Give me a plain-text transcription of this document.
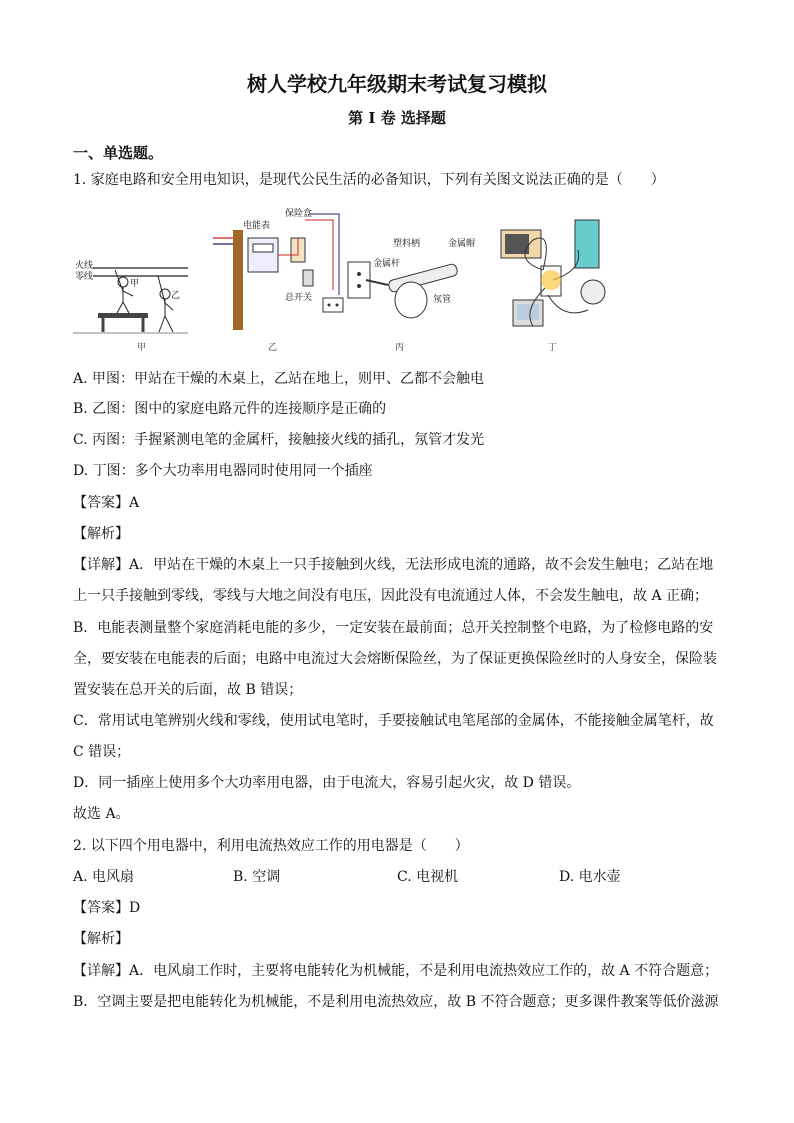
树人学校九年级期末考试复习模拟
第 I 卷 选择题
一、单选题。
1. 家庭电路和安全用电知识，是现代公民生活的必备知识，下列有关图文说法正确的是（　　）
火线
零线
甲
乙
甲
电能表
保险盒
总开关
乙
塑料柄	金属帽
金属杆
氖管
丙	丁
A. 甲图：甲站在干燥的木桌上，乙站在地上，则甲、乙都不会触电
B. 乙图：图中的家庭电路元件的连接顺序是正确的
C. 丙图：手握紧测电笔的金属杆，接触接火线的插孔，氖管才发光
D. 丁图：多个大功率用电器同时使用同一个插座
【答案】A
【解析】
【详解】A．甲站在干燥的木桌上一只手接触到火线，无法形成电流的通路，故不会发生触电；乙站在地
上一只手接触到零线，零线与大地之间没有电压，因此没有电流通过人体，不会发生触电，故 A 正确；
B．电能表测量整个家庭消耗电能的多少，一定安装在最前面；总开关控制整个电路，为了检修电路的安
全，要安装在电能表的后面；电路中电流过大会熔断保险丝，为了保证更换保险丝时的人身安全，保险装
置安装在总开关的后面，故 B 错误；
C．常用试电笔辨别火线和零线，使用试电笔时，手要接触试电笔尾部的金属体，不能接触金属笔杆，故
C 错误；
D．同一插座上使用多个大功率用电器，由于电流大，容易引起火灾，故 D 错误。
故选 A。
2. 以下四个用电器中，利用电流热效应工作的用电器是（　　）
A. 电风扇	B. 空调	C. 电视机	D. 电水壶
【答案】D
【解析】
【详解】A．电风扇工作时，主要将电能转化为机械能，不是利用电流热效应工作的，故 A 不符合题意；
B．空调主要是把电能转化为机械能，不是利用电流热效应，故 B 不符合题意；更多课件教案等低价滋源
